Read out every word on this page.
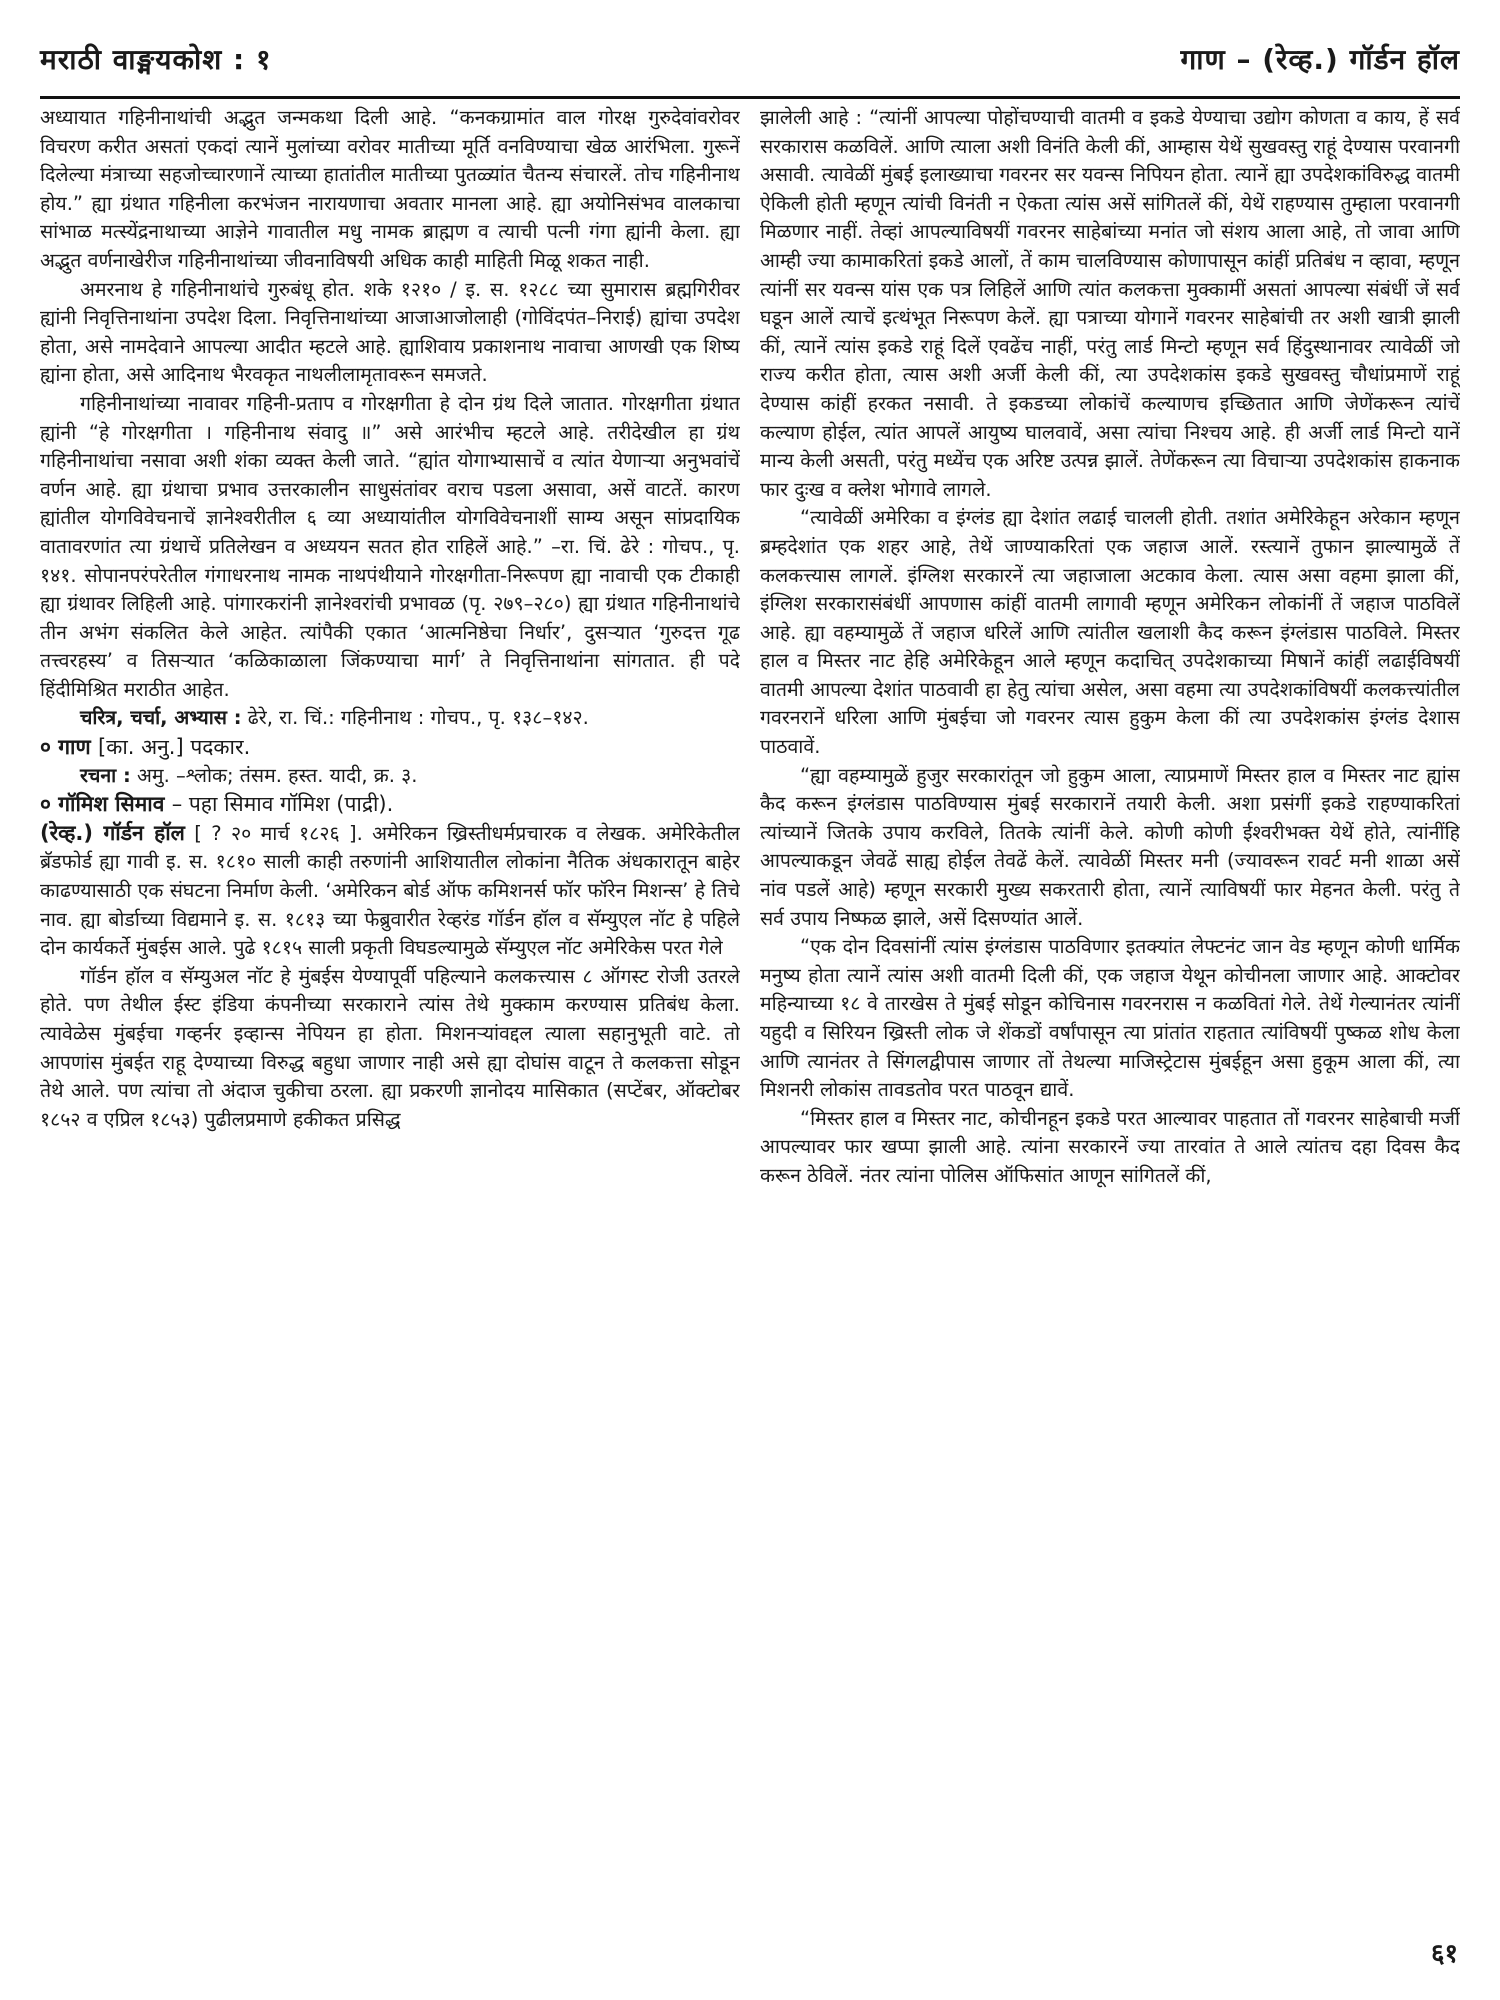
मराठी वाङ्मयकोश : १	गाण – (रेव्ह.) गॉर्डन हॉल

अध्यायात गहिनीनाथांची अद्भुत जन्मकथा दिली आहे. “कनकग्रामांत वाल गोरक्ष गुरुदेवांवरोवर विचरण करीत असतां एकदां त्यानें मुलांच्या वरोवर मातीच्या मूर्ति वनविण्याचा खेळ आरंभिला. गुरूनें दिलेल्या मंत्राच्या सहजोच्चारणानें त्याच्या हातांतील मातीच्या पुतळ्यांत चैतन्य संचारलें. तोच गहिनीनाथ होय.” ह्या ग्रंथात गहिनीला करभंजन नारायणाचा अवतार मानला आहे. ह्या अयोनिसंभव वालकाचा सांभाळ मत्स्येंद्रनाथाच्या आज्ञेने गावातील मधु नामक ब्राह्मण व त्याची पत्नी गंगा ह्यांनी केला. ह्या अद्भुत वर्णनाखेरीज गहिनीनाथांच्या जीवनाविषयी अधिक काही माहिती मिळू शकत नाही.

अमरनाथ हे गहिनीनाथांचे गुरुबंधू होत. शके १२१० / इ. स. १२८८ च्या सुमारास ब्रह्मगिरीवर ह्यांनी निवृत्तिनाथांना उपदेश दिला. निवृत्तिनाथांच्या आजाआजोलाही (गोविंदपंत–निराई) ह्यांचा उपदेश होता, असे नामदेवाने आपल्या आदीत म्हटले आहे. ह्याशिवाय प्रकाशनाथ नावाचा आणखी एक शिष्य ह्यांना होता, असे आदिनाथ भैरवकृत नाथलीलामृतावरून समजते.

गहिनीनाथांच्या नावावर गहिनी-प्रताप व गोरक्षगीता हे दोन ग्रंथ दिले जातात. गोरक्षगीता ग्रंथात ह्यांनी “हे गोरक्षगीता । गहिनीनाथ संवादु ॥” असे आरंभीच म्हटले आहे. तरीदेखील हा ग्रंथ गहिनीनाथांचा नसावा अशी शंका व्यक्त केली जाते. “ह्यांत योगाभ्यासाचें व त्यांत येणाऱ्या अनुभवांचें वर्णन आहे. ह्या ग्रंथाचा प्रभाव उत्तरकालीन साधुसंतांवर वराच पडला असावा, असें वाटतें. कारण ह्यांतील योगविवेचनाचें ज्ञानेश्वरीतील ६ व्या अध्यायांतील योगविवेचनाशीं साम्य असून सांप्रदायिक वातावरणांत त्या ग्रंथाचें प्रतिलेखन व अध्ययन सतत होत राहिलें आहे.” –रा. चिं. ढेरे : गोचप., पृ. १४१. सोपानपरंपरेतील गंगाधरनाथ नामक नाथपंथीयाने गोरक्षगीता-निरूपण ह्या नावाची एक टीकाही ह्या ग्रंथावर लिहिली आहे. पांगारकरांनी ज्ञानेश्वरांची प्रभावळ (पृ. २७९–२८०) ह्या ग्रंथात गहिनीनाथांचे तीन अभंग संकलित केले आहेत. त्यांपैकी एकात ‘आत्मनिष्ठेचा निर्धार’, दुसऱ्यात ‘गुरुदत्त गूढ तत्त्वरहस्य’ व तिसऱ्यात ‘कळिकाळाला जिंकण्याचा मार्ग’ ते निवृत्तिनाथांना सांगतात. ही पदे हिंदीमिश्रित मराठीत आहेत.

चरित्र, चर्चा, अभ्यास : ढेरे, रा. चिं.: गहिनीनाथ : गोचप., पृ. १३८–१४२.

० गाण [का. अनु.] पदकार.

रचना : अमु. –श्लोक; तंसम. हस्त. यादी, क्र. ३.

० गॉमिश सिमाव – पहा सिमाव गॉमिश (पाद्री).

(रेव्ह.) गॉर्डन हॉल [ ? २० मार्च १८२६ ]. अमेरिकन ख्रिस्तीधर्मप्रचारक व लेखक. अमेरिकेतील ब्रॅडफोर्ड ह्या गावी इ. स. १८१० साली काही तरुणांनी आशियातील लोकांना नैतिक अंधकारातून बाहेर काढण्यासाठी एक संघटना निर्माण केली. ‘अमेरिकन बोर्ड ऑफ कमिशनर्स फॉर फॉरेन मिशन्स’ हे तिचे नाव. ह्या बोर्डाच्या विद्यमाने इ. स. १८१३ च्या फेब्रुवारीत रेव्हरंड गॉर्डन हॉल व सॅम्युएल नॉट हे पहिले दोन कार्यकर्ते मुंबईस आले. पुढे १८१५ साली प्रकृती विघडल्यामुळे सॅम्युएल नॉट अमेरिकेस परत गेले

गॉर्डन हॉल व सॅम्युअल नॉट हे मुंबईस येण्यापूर्वी पहिल्याने कलकत्त्यास ८ ऑगस्ट रोजी उतरले होते. पण तेथील ईस्ट इंडिया कंपनीच्या सरकाराने त्यांस तेथे मुक्काम करण्यास प्रतिबंध केला. त्यावेळेस मुंबईचा गव्हर्नर इव्हान्स नेपियन हा होता. मिशनऱ्यांवद्दल त्याला सहानुभूती वाटे. तो आपणांस मुंबईत राहू देण्याच्या विरुद्ध बहुधा जाणार नाही असे ह्या दोघांस वाटून ते कलकत्ता सोडून तेथे आले. पण त्यांचा तो अंदाज चुकीचा ठरला. ह्या प्रकरणी ज्ञानोदय मासिकात (सप्टेंबर, ऑक्टोबर १८५२ व एप्रिल १८५३) पुढीलप्रमाणे हकीकत प्रसिद्ध

झालेली आहे : “त्यांनीं आपल्या पोहोंचण्याची वातमी व इकडे येण्याचा उद्योग कोणता व काय, हें सर्व सरकारास कळविलें. आणि त्याला अशी विनंति केली कीं, आम्हास येथें सुखवस्तु राहूं देण्यास परवानगी असावी. त्यावेळीं मुंबई इलाख्याचा गवरनर सर यवन्स निपियन होता. त्यानें ह्या उपदेशकांविरुद्ध वातमी ऐकिली होती म्हणून त्यांची विनंती न ऐकता त्यांस असें सांगितलें कीं, येथें राहण्यास तुम्हाला परवानगी मिळणार नाहीं. तेव्हां आपल्याविषयीं गवरनर साहेबांच्या मनांत जो संशय आला आहे, तो जावा आणि आम्ही ज्या कामाकरितां इकडे आलों, तें काम चालविण्यास कोणापासून कांहीं प्रतिबंध न व्हावा, म्हणून त्यांनीं सर यवन्स यांस एक पत्र लिहिलें आणि त्यांत कलकत्ता मुक्कामीं असतां आपल्या संबंधीं जें सर्व घडून आलें त्याचें इत्थंभूत निरूपण केलें. ह्या पत्राच्या योगानें गवरनर साहेबांची तर अशी खात्री झाली कीं, त्यानें त्यांस इकडे राहूं दिलें एवढेंच नाहीं, परंतु लार्ड मिन्टो म्हणून सर्व हिंदुस्थानावर त्यावेळीं जो राज्य करीत होता, त्यास अशी अर्जी केली कीं, त्या उपदेशकांस इकडे सुखवस्तु चौधांप्रमाणें राहूं देण्यास कांहीं हरकत नसावी. ते इकडच्या लोकांचें कल्याणच इच्छितात आणि जेणेंकरून त्यांचें कल्याण होईल, त्यांत आपलें आयुष्य घालवावें, असा त्यांचा निश्चय आहे. ही अर्जी लार्ड मिन्टो यानें मान्य केली असती, परंतु मध्येंच एक अरिष्ट उत्पन्न झालें. तेणेंकरून त्या विचाऱ्या उपदेशकांस हाकनाक फार दुःख व क्लेश भोगावे लागले.

“त्यावेळीं अमेरिका व इंग्लंड ह्या देशांत लढाई चालली होती. तशांत अमेरिकेहून अरेकान म्हणून ब्रम्हदेशांत एक शहर आहे, तेथें जाण्याकरितां एक जहाज आलें. रस्त्यानें तुफान झाल्यामुळें तें कलकत्त्यास लागलें. इंग्लिश सरकारनें त्या जहाजाला अटकाव केला. त्यास असा वहमा झाला कीं, इंग्लिश सरकारासंबंधीं आपणास कांहीं वातमी लागावी म्हणून अमेरिकन लोकांनीं तें जहाज पाठविलें आहे. ह्या वहम्यामुळें तें जहाज धरिलें आणि त्यांतील खलाशी कैद करून इंग्लंडास पाठविले. मिस्तर हाल व मिस्तर नाट हेहि अमेरिकेहून आले म्हणून कदाचित् उपदेशकाच्या मिषानें कांहीं लढाईविषयीं वातमी आपल्या देशांत पाठवावी हा हेतु त्यांचा असेल, असा वहमा त्या उपदेशकांविषयीं कलकत्त्यांतील गवरनरानें धरिला आणि मुंबईचा जो गवरनर त्यास हुकुम केला कीं त्या उपदेशकांस इंग्लंड देशास पाठवावें.

“ह्या वहम्यामुळें हुजुर सरकारांतून जो हुकुम आला, त्याप्रमाणें मिस्तर हाल व मिस्तर नाट ह्यांस कैद करून इंग्लंडास पाठविण्यास मुंबई सरकारानें तयारी केली. अशा प्रसंगीं इकडे राहण्याकरितां त्यांच्यानें जितके उपाय करविले, तितके त्यांनीं केले. कोणी कोणी ईश्वरीभक्त येथें होते, त्यांनींहि आपल्याकडून जेवढें साह्य होईल तेवढें केलें. त्यावेळीं मिस्तर मनी (ज्यावरून रावर्ट मनी शाळा असें नांव पडलें आहे) म्हणून सरकारी मुख्य सकरतारी होता, त्यानें त्याविषयीं फार मेहनत केली. परंतु ते सर्व उपाय निष्फळ झाले, असें दिसण्यांत आलें.

“एक दोन दिवसांनीं त्यांस इंग्लंडास पाठविणार इतक्यांत लेफ्टनंट जान वेड म्हणून कोणी धार्मिक मनुष्य होता त्यानें त्यांस अशी वातमी दिली कीं, एक जहाज येथून कोचीनला जाणार आहे. आक्टोवर महिन्याच्या १८ वे तारखेस ते मुंबई सोडून कोचिनास गवरनरास न कळवितां गेले. तेथें गेल्यानंतर त्यांनीं यहुदी व सिरियन ख्रिस्ती लोक जे शेंकडों वर्षांपासून त्या प्रांतांत राहतात त्यांविषयीं पुष्कळ शोध केला आणि त्यानंतर ते सिंगलद्वीपास जाणार तों तेथल्या माजिस्ट्रेटास मुंबईहून असा हुकूम आला कीं, त्या मिशनरी लोकांस तावडतोव परत पाठवून द्यावें.

“मिस्तर हाल व मिस्तर नाट, कोचीनहून इकडे परत आल्यावर पाहतात तों गवरनर साहेबाची मर्जी आपल्यावर फार खप्पा झाली आहे. त्यांना सरकारनें ज्या तारवांत ते आले त्यांतच दहा दिवस कैद करून ठेविलें. नंतर त्यांना पोलिस ऑफिसांत आणून सांगितलें कीं,

६१
